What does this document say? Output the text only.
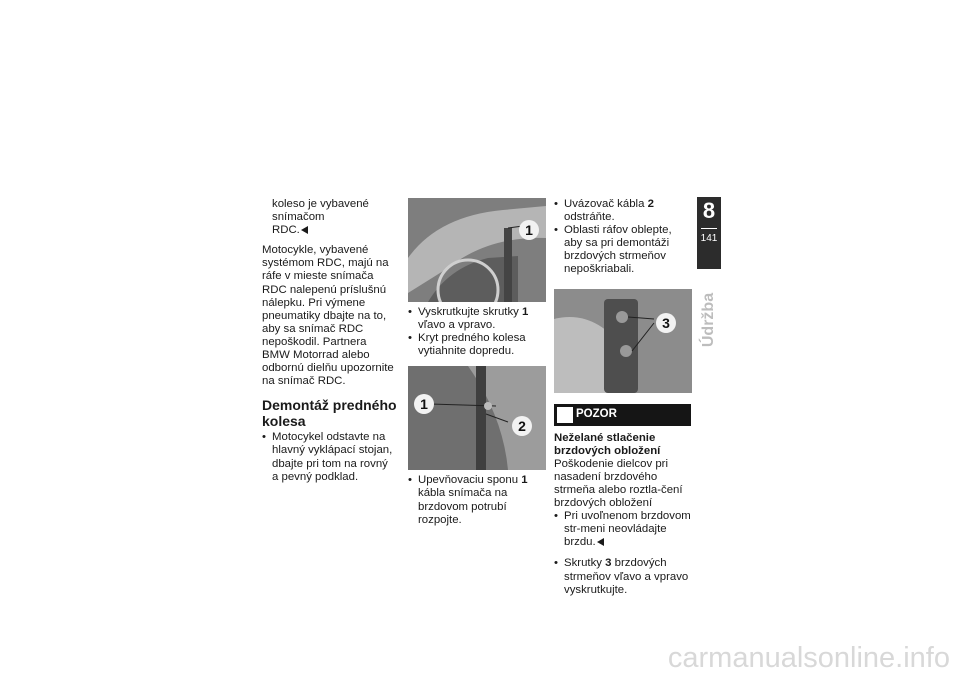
koleso je vybavené snímačom
RDC.

Motocykle, vybavené systémom RDC, majú na ráfe v mieste snímača RDC nalepenú príslušnú nálepku. Pri výmene pneumatiky dbajte na to, aby sa snímač RDC nepoškodil. Partnera BMW Motorrad alebo odbornú dielňu upozornite na snímač RDC.

Demontáž predného kolesa
• Motocykel odstavte na hlavný vyklápací stojan, dbajte pri tom na rovný a pevný podklad.
1
• Vyskrutkujte skrutky 1 vľavo a vpravo.
• Kryt predného kolesa vytiahnite dopredu.
1
2
• Upevňovaciu sponu 1 kábla snímača na brzdovom potrubí rozpojte.
• Uvázovač kábla 2 odstráňte.
• Oblasti ráfov oblepte, aby sa pri demontáži brzdových strmeňov nepoškriabali.
3
POZOR

Neželané stlačenie brzdových obložení

Poškodenie dielcov pri nasadení brzdového strmeňa alebo roztla-čení brzdových obložení

• Pri uvoľnenom brzdovom str-meni neovládajte brzdu.
• Skrutky 3 brzdových strmeňov vľavo a vpravo vyskrutkujte.
8
141
Údržba
carmanualsonline.info
